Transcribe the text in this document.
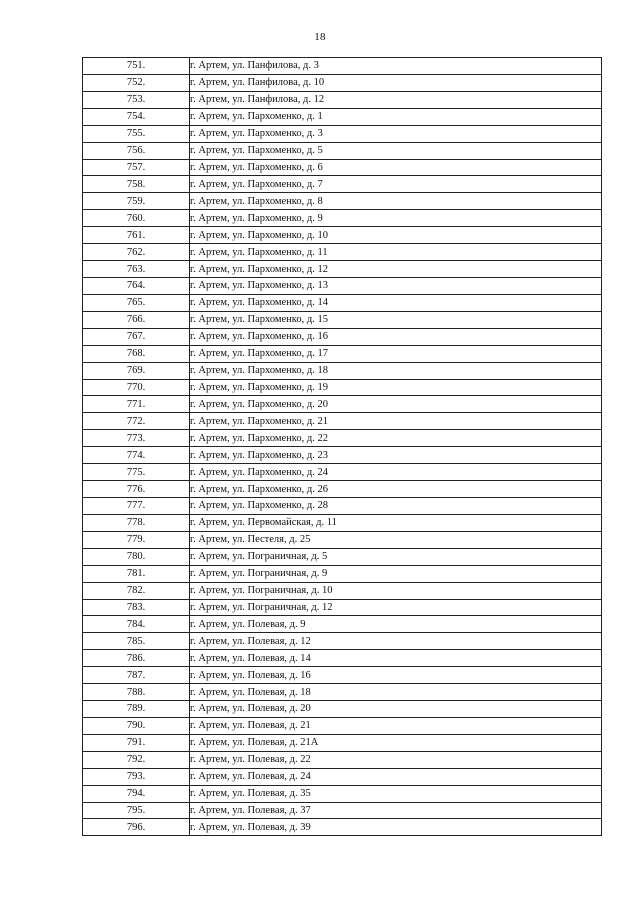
18
751.	г. Артем, ул. Панфилова, д. 3
752.	г. Артем, ул. Панфилова, д. 10
753.	г. Артем, ул. Панфилова, д. 12
754.	г. Артем, ул. Пархоменко, д. 1
755.	г. Артем, ул. Пархоменко, д. 3
756.	г. Артем, ул. Пархоменко, д. 5
757.	г. Артем, ул. Пархоменко, д. 6
758.	г. Артем, ул. Пархоменко, д. 7
759.	г. Артем, ул. Пархоменко, д. 8
760.	г. Артем, ул. Пархоменко, д. 9
761.	г. Артем, ул. Пархоменко, д. 10
762.	г. Артем, ул. Пархоменко, д. 11
763.	г. Артем, ул. Пархоменко, д. 12
764.	г. Артем, ул. Пархоменко, д. 13
765.	г. Артем, ул. Пархоменко, д. 14
766.	г. Артем, ул. Пархоменко, д. 15
767.	г. Артем, ул. Пархоменко, д. 16
768.	г. Артем, ул. Пархоменко, д. 17
769.	г. Артем, ул. Пархоменко, д. 18
770.	г. Артем, ул. Пархоменко, д. 19
771.	г. Артем, ул. Пархоменко, д. 20
772.	г. Артем, ул. Пархоменко, д. 21
773.	г. Артем, ул. Пархоменко, д. 22
774.	г. Артем, ул. Пархоменко, д. 23
775.	г. Артем, ул. Пархоменко, д. 24
776.	г. Артем, ул. Пархоменко, д. 26
777.	г. Артем, ул. Пархоменко, д. 28
778.	г. Артем, ул. Первомайская, д. 11
779.	г. Артем, ул. Пестеля, д. 25
780.	г. Артем, ул. Пограничная, д. 5
781.	г. Артем, ул. Пограничная, д. 9
782.	г. Артем, ул. Пограничная, д. 10
783.	г. Артем, ул. Пограничная, д. 12
784.	г. Артем, ул. Полевая, д. 9
785.	г. Артем, ул. Полевая, д. 12
786.	г. Артем, ул. Полевая, д. 14
787.	г. Артем, ул. Полевая, д. 16
788.	г. Артем, ул. Полевая, д. 18
789.	г. Артем, ул. Полевая, д. 20
790.	г. Артем, ул. Полевая, д. 21
791.	г. Артем, ул. Полевая, д. 21А
792.	г. Артем, ул. Полевая, д. 22
793.	г. Артем, ул. Полевая, д. 24
794.	г. Артем, ул. Полевая, д. 35
795.	г. Артем, ул. Полевая, д. 37
796.	г. Артем, ул. Полевая, д. 39
